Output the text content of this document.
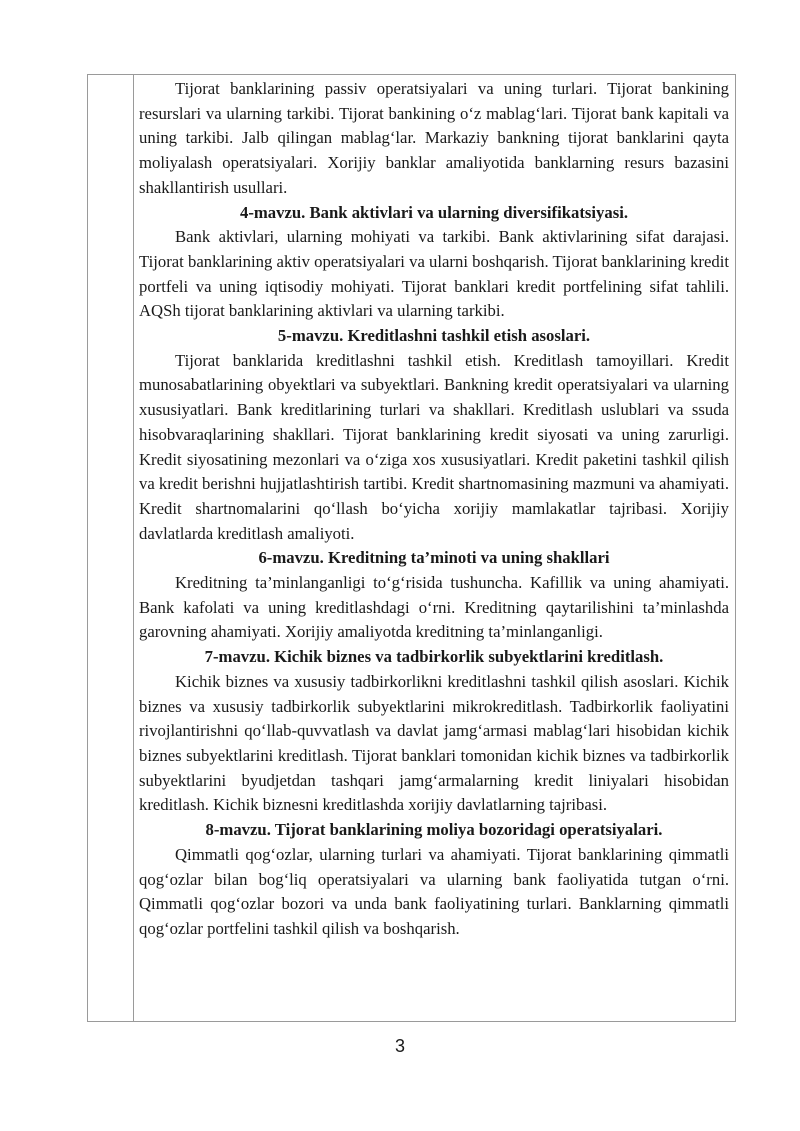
Tijorat banklarining passiv operatsiyalari va uning turlari. Tijorat bankining resurslari va ularning tarkibi. Tijorat bankining o‘z mablag‘lari. Tijorat bank kapitali va uning tarkibi. Jalb qilingan mablag‘lar. Markaziy bankning tijorat banklarini qayta moliyalash operatsiyalari. Xorijiy banklar amaliyotida banklarning resurs bazasini shakllantirish usullari.

4-mavzu. Bank aktivlari va ularning diversifikatsiyasi.

Bank aktivlari, ularning mohiyati va tarkibi. Bank aktivlarining sifat darajasi. Tijorat banklarining aktiv operatsiyalari va ularni boshqarish. Tijorat banklarining kredit portfeli va uning iqtisodiy mohiyati. Tijorat banklari kredit portfelining sifat tahlili. AQSh tijorat banklarining aktivlari va ularning tarkibi.

5-mavzu. Kreditlashni tashkil etish asoslari.

Tijorat banklarida kreditlashni tashkil etish. Kreditlash tamoyillari. Kredit munosabatlarining obyektlari va subyektlari. Bankning kredit operatsiyalari va ularning xususiyatlari. Bank kreditlarining turlari va shakllari. Kreditlash uslublari va ssuda hisobvaraqlarining shakllari. Tijorat banklarining kredit siyosati va uning zarurligi. Kredit siyosatining mezonlari va o‘ziga xos xususiyatlari. Kredit paketini tashkil qilish va kredit berishni hujjatlashtirish tartibi. Kredit shartnomasining mazmuni va ahamiyati. Kredit shartnomalarini qo‘llash bo‘yicha xorijiy mamlakatlar tajribasi. Xorijiy davlatlarda kreditlash amaliyoti.

6-mavzu. Kreditning ta’minoti va uning shakllari

Kreditning ta’minlanganligi to‘g‘risida tushuncha. Kafillik va uning ahamiyati. Bank kafolati va uning kreditlashdagi o‘rni. Kreditning qaytarilishini ta’minlashda garovning ahamiyati. Xorijiy amaliyotda kreditning ta’minlanganligi.

7-mavzu. Kichik biznes va tadbirkorlik subyektlarini kreditlash.

Kichik biznes va xususiy tadbirkorlikni kreditlashni tashkil qilish asoslari. Kichik biznes va xususiy tadbirkorlik subyektlarini mikrokreditlash. Tadbirkorlik faoliyatini rivojlantirishni qo‘llab-quvvatlash va davlat jamg‘armasi mablag‘lari hisobidan kichik biznes subyektlarini kreditlash. Tijorat banklari tomonidan kichik biznes va tadbirkorlik subyektlarini byudjetdan tashqari jamg‘armalarning kredit liniyalari hisobidan kreditlash. Kichik biznesni kreditlashda xorijiy davlatlarning tajribasi.

8-mavzu. Tijorat banklarining moliya bozoridagi operatsiyalari.

Qimmatli qog‘ozlar, ularning turlari va ahamiyati. Tijorat banklarining qimmatli qog‘ozlar bilan bog‘liq operatsiyalari va ularning bank faoliyatida tutgan o‘rni. Qimmatli qog‘ozlar bozori va unda bank faoliyatining turlari. Banklarning qimmatli qog‘ozlar portfelini tashkil qilish va boshqarish.

3
